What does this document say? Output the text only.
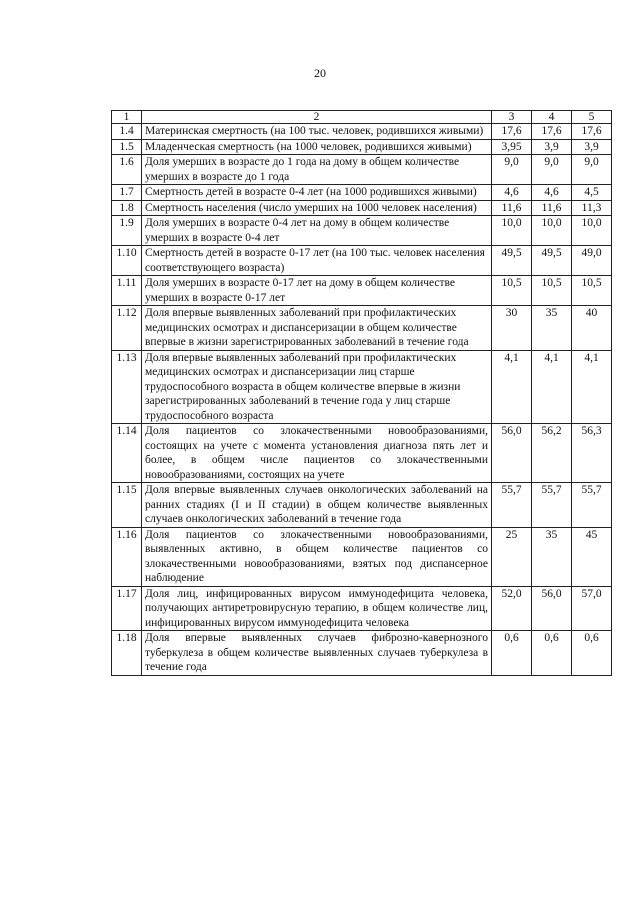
20
1	2	3	4	5
1.4	Материнская смертность (на 100 тыс. человек, родившихся живыми)	17,6	17,6	17,6
1.5	Младенческая смертность (на 1000 человек, родившихся живыми)	3,95	3,9	3,9
1.6	Доля умерших в возрасте до 1 года на дому в общем количестве умерших в возрасте до 1 года	9,0	9,0	9,0
1.7	Смертность детей в возрасте 0-4 лет (на 1000 родившихся живыми)	4,6	4,6	4,5
1.8	Смертность населения (число умерших на 1000 человек населения)	11,6	11,6	11,3
1.9	Доля умерших в возрасте 0-4 лет на дому в общем количестве умерших в возрасте 0-4 лет	10,0	10,0	10,0
1.10	Смертность детей в возрасте 0-17 лет (на 100 тыс. человек населения соответствующего возраста)	49,5	49,5	49,0
1.11	Доля умерших в возрасте 0-17 лет на дому в общем количестве умерших в возрасте 0-17 лет	10,5	10,5	10,5
1.12	Доля впервые выявленных заболеваний при профилактических медицинских осмотрах и диспансеризации в общем количестве впервые в жизни зарегистрированных заболеваний в течение года	30	35	40
1.13	Доля впервые выявленных заболеваний при профилактических медицинских осмотрах и диспансеризации лиц старше трудоспособного возраста в общем количестве впервые в жизни зарегистрированных заболеваний в течение года у лиц старше трудоспособного возраста	4,1	4,1	4,1
1.14	Доля пациентов со злокачественными новообразованиями, состоящих на учете с момента установления диагноза пять лет и более, в общем числе пациентов со злокачественными новообразованиями, состоящих на учете	56,0	56,2	56,3
1.15	Доля впервые выявленных случаев онкологических заболеваний на ранних стадиях (I и II стадии) в общем количестве выявленных случаев онкологических заболеваний в течение года	55,7	55,7	55,7
1.16	Доля пациентов со злокачественными новообразованиями, выявленных активно, в общем количестве пациентов со злокачественными новообразованиями, взятых под диспансерное наблюдение	25	35	45
1.17	Доля лиц, инфицированных вирусом иммунодефицита человека, получающих антиретровирусную терапию, в общем количестве лиц, инфицированных вирусом иммунодефицита человека	52,0	56,0	57,0
1.18	Доля впервые выявленных случаев фиброзно-кавернозного туберкулеза в общем количестве выявленных случаев туберкулеза в течение года	0,6	0,6	0,6
